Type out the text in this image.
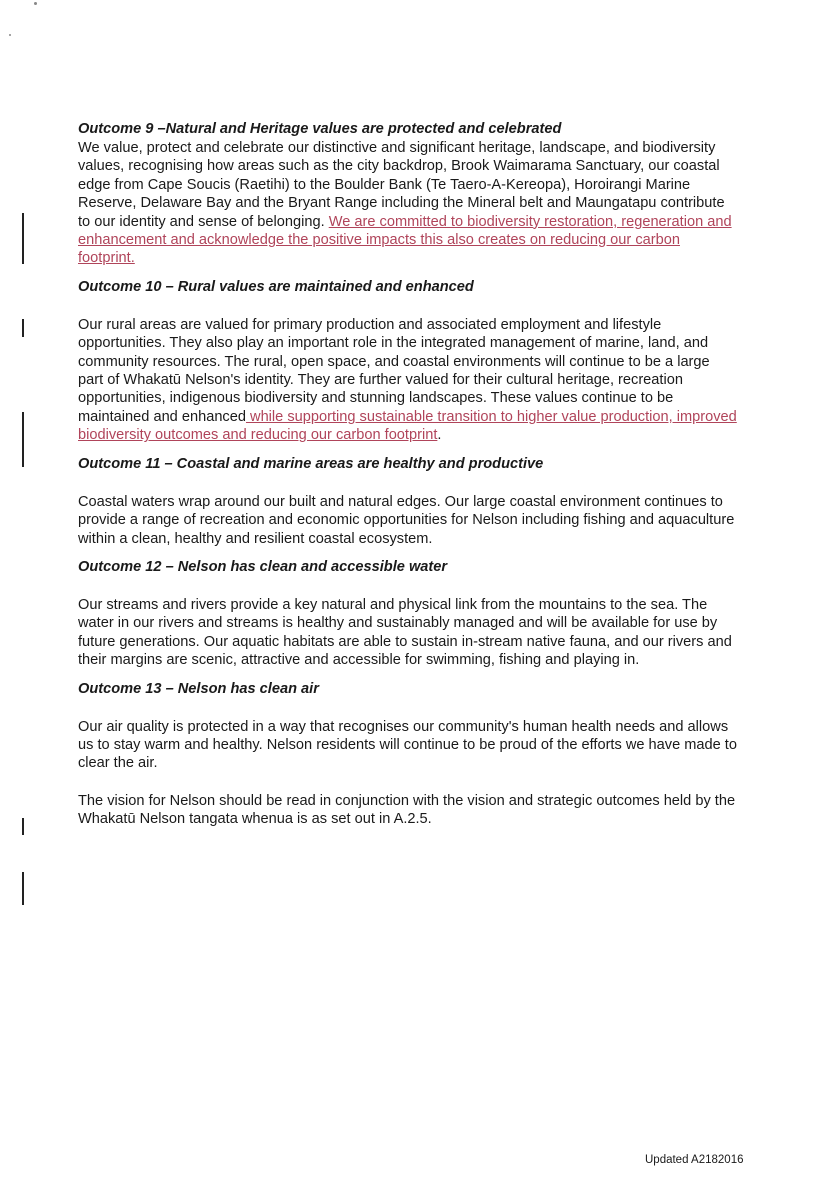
Outcome 9 –Natural and Heritage values are protected and celebrated

We value, protect and celebrate our distinctive and significant heritage, landscape, and biodiversity values, recognising how areas such as the city backdrop, Brook Waimarama Sanctuary, our coastal edge from Cape Soucis (Raetihi) to the Boulder Bank (Te Taero-A-Kereopa), Horoirangi Marine Reserve, Delaware Bay and the Bryant Range including the Mineral belt and Maungatapu contribute to our identity and sense of belonging. We are committed to biodiversity restoration, regeneration and enhancement and acknowledge the positive impacts this also creates on reducing our carbon footprint.

Outcome 10 – Rural values are maintained and enhanced

Our rural areas are valued for primary production and associated employment and lifestyle opportunities. They also play an important role in the integrated management of marine, land, and community resources. The rural, open space, and coastal environments will continue to be a large part of Whakatū Nelson's identity. They are further valued for their cultural heritage, recreation opportunities, indigenous biodiversity and stunning landscapes. These values continue to be maintained and enhanced while supporting sustainable transition to higher value production, improved biodiversity outcomes and reducing our carbon footprint.

Outcome 11 – Coastal and marine areas are healthy and productive

Coastal waters wrap around our built and natural edges. Our large coastal environment continues to provide a range of recreation and economic opportunities for Nelson including fishing and aquaculture within a clean, healthy and resilient coastal ecosystem.

Outcome 12 – Nelson has clean and accessible water

Our streams and rivers provide a key natural and physical link from the mountains to the sea. The water in our rivers and streams is healthy and sustainably managed and will be available for use by future generations. Our aquatic habitats are able to sustain in-stream native fauna, and our rivers and their margins are scenic, attractive and accessible for swimming, fishing and playing in.

Outcome 13 – Nelson has clean air

Our air quality is protected in a way that recognises our community's human health needs and allows us to stay warm and healthy. Nelson residents will continue to be proud of the efforts we have made to clear the air.

The vision for Nelson should be read in conjunction with the vision and strategic outcomes held by the Whakatū Nelson tangata whenua is as set out in A.2.5.

Updated A2182016
